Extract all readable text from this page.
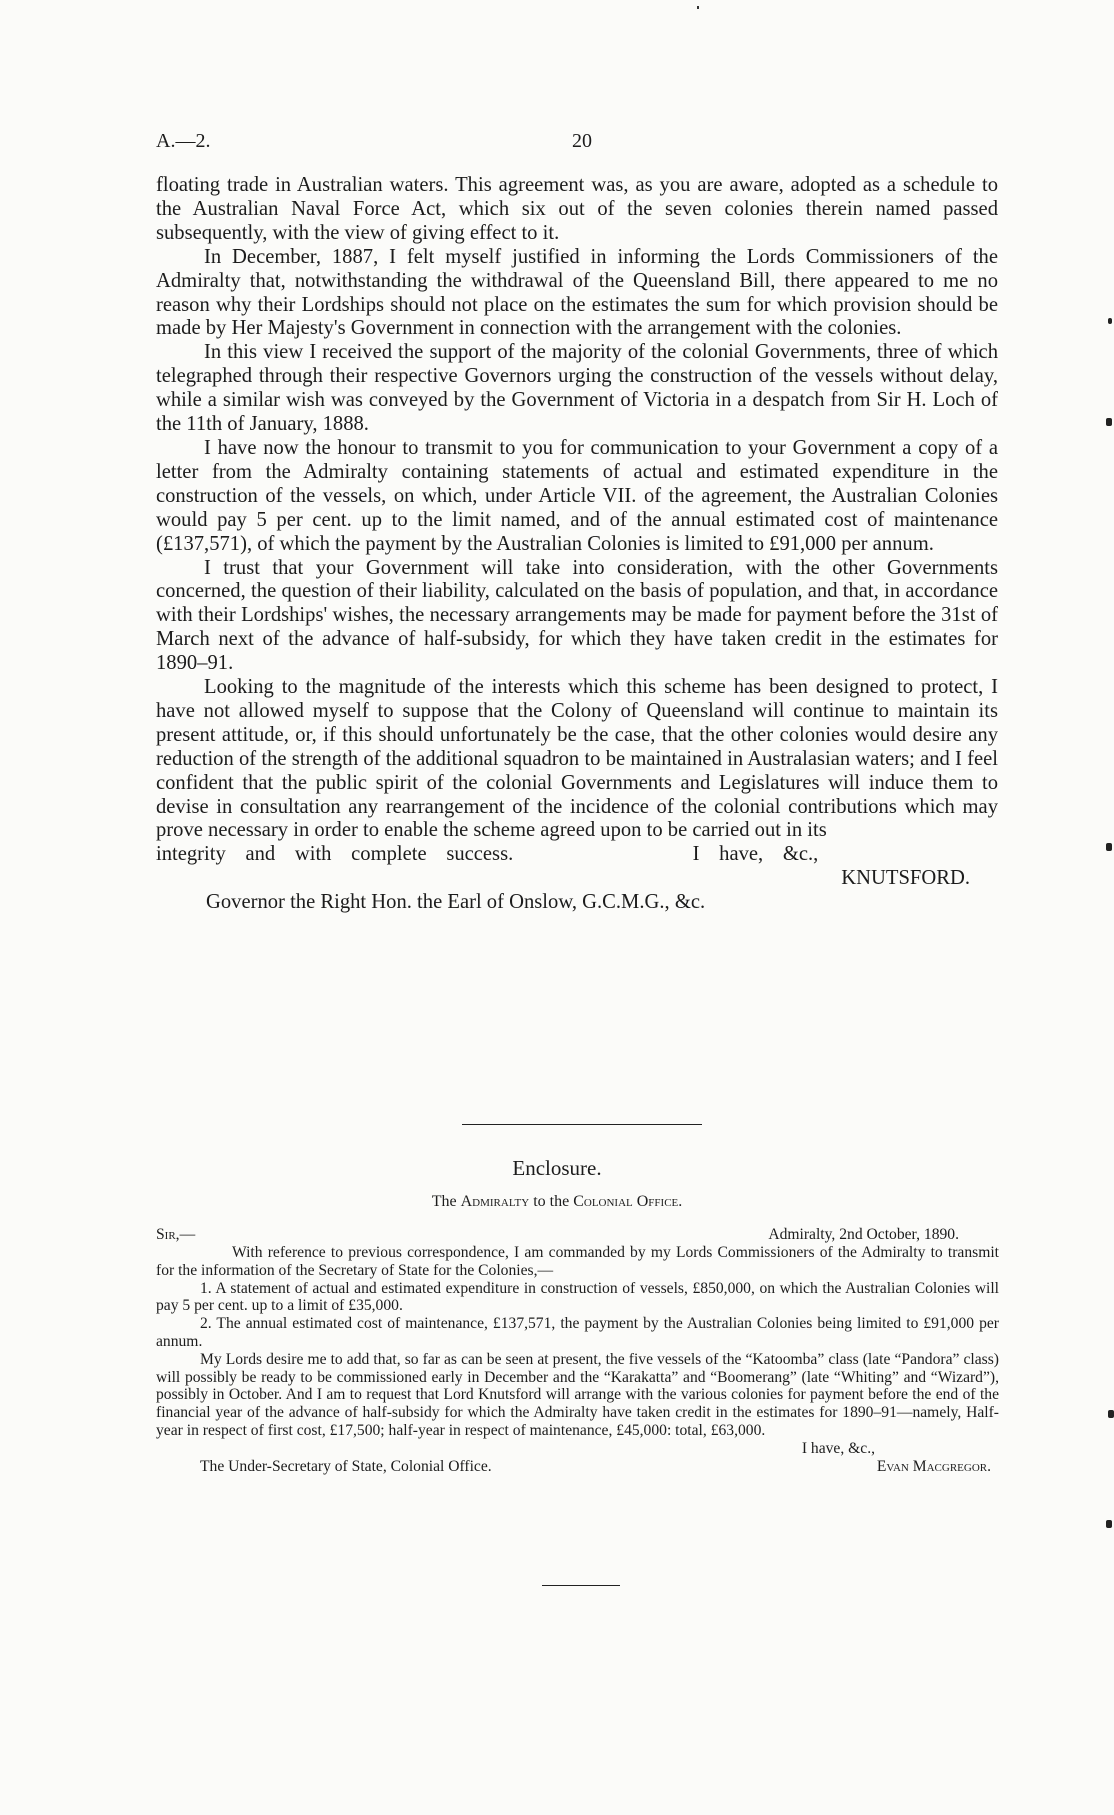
A.—2.	20

floating trade in Australian waters. This agreement was, as you are aware, adopted as a schedule to the Australian Naval Force Act, which six out of the seven colonies therein named passed subsequently, with the view of giving effect to it.

In December, 1887, I felt myself justified in informing the Lords Commissioners of the Admiralty that, notwithstanding the withdrawal of the Queensland Bill, there appeared to me no reason why their Lordships should not place on the estimates the sum for which provision should be made by Her Majesty's Government in connection with the arrangement with the colonies.

In this view I received the support of the majority of the colonial Governments, three of which telegraphed through their respective Governors urging the construction of the vessels without delay, while a similar wish was conveyed by the Government of Victoria in a despatch from Sir H. Loch of the 11th of January, 1888.

I have now the honour to transmit to you for communication to your Government a copy of a letter from the Admiralty containing statements of actual and estimated expenditure in the construction of the vessels, on which, under Article VII. of the agreement, the Australian Colonies would pay 5 per cent. up to the limit named, and of the annual estimated cost of maintenance (£137,571), of which the payment by the Australian Colonies is limited to £91,000 per annum.

I trust that your Government will take into consideration, with the other Governments concerned, the question of their liability, calculated on the basis of population, and that, in accordance with their Lordships' wishes, the necessary arrangements may be made for payment before the 31st of March next of the advance of half-subsidy, for which they have taken credit in the estimates for 1890–91.

Looking to the magnitude of the interests which this scheme has been designed to protect, I have not allowed myself to suppose that the Colony of Queensland will continue to maintain its present attitude, or, if this should unfortunately be the case, that the other colonies would desire any reduction of the strength of the additional squadron to be maintained in Australasian waters; and I feel confident that the public spirit of the colonial Governments and Legislatures will induce them to devise in consultation any rearrangement of the incidence of the colonial contributions which may prove necessary in order to enable the scheme agreed upon to be carried out in its

integrity and with complete success.	I have, &c.,

KNUTSFORD.

Governor the Right Hon. the Earl of Onslow, G.C.M.G., &c.

Enclosure.
The Admiralty to the Colonial Office.
Sir,—	Admiralty, 2nd October, 1890.

With reference to previous correspondence, I am commanded by my Lords Commissioners of the Admiralty to transmit for the information of the Secretary of State for the Colonies,—

1. A statement of actual and estimated expenditure in construction of vessels, £850,000, on which the Australian Colonies will pay 5 per cent. up to a limit of £35,000.

2. The annual estimated cost of maintenance, £137,571, the payment by the Australian Colonies being limited to £91,000 per annum.

My Lords desire me to add that, so far as can be seen at present, the five vessels of the “Katoomba” class (late “Pandora” class) will possibly be ready to be commissioned early in December and the “Karakatta” and “Boomerang” (late “Whiting” and “Wizard”), possibly in October. And I am to request that Lord Knutsford will arrange with the various colonies for payment before the end of the financial year of the advance of half-subsidy for which the Admiralty have taken credit in the estimates for 1890–91—namely, Half-year in respect of first cost, £17,500; half-year in respect of maintenance, £45,000: total, £63,000.

I have, &c.,
The Under-Secretary of State, Colonial Office.	Evan Macgregor.
